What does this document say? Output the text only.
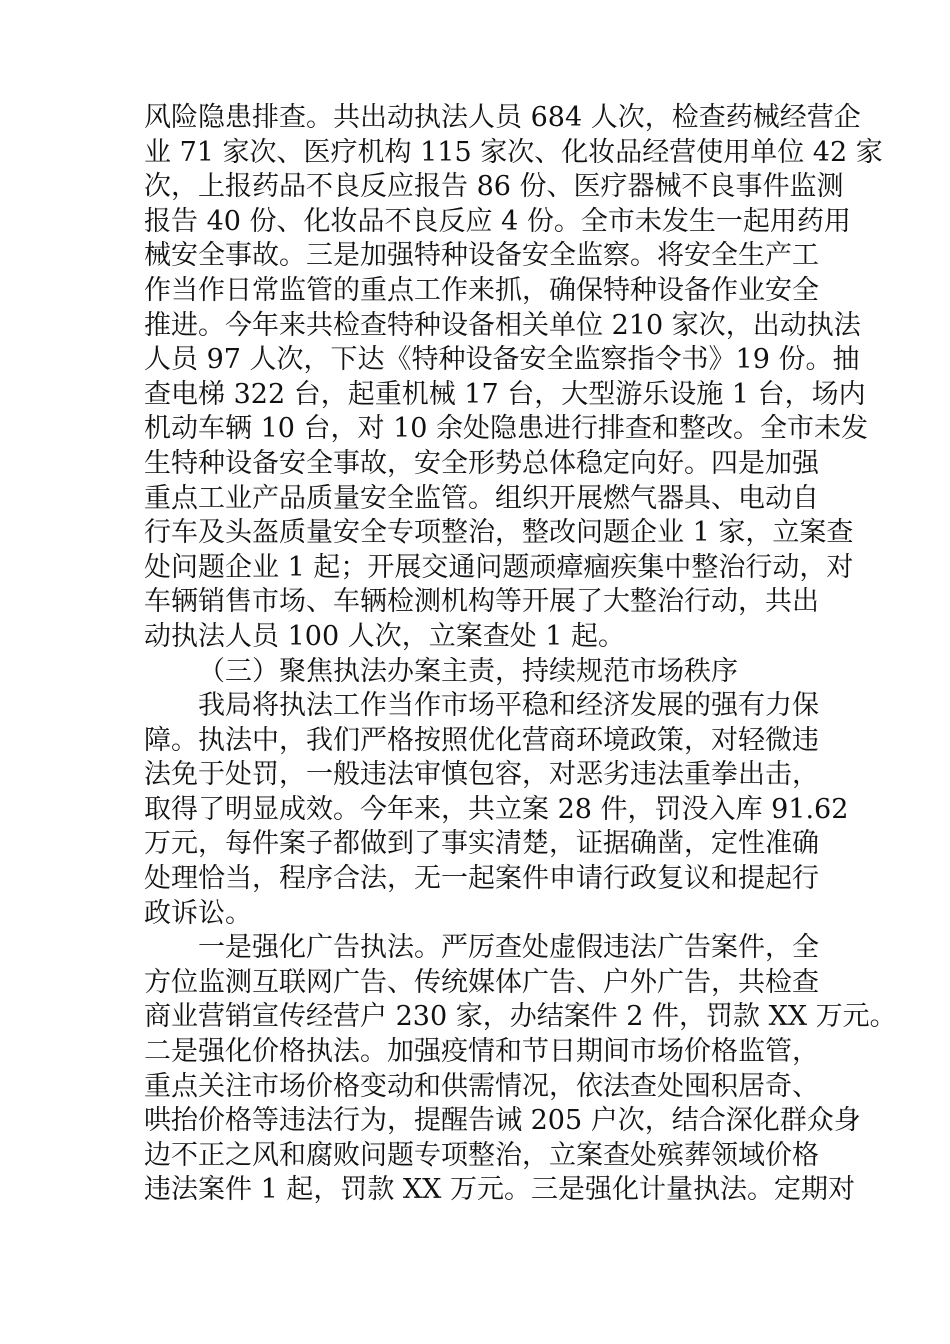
风险隐患排查。共出动执法人员 684 人次，检查药械经营企
业 71 家次、医疗机构 115 家次、化妆品经营使用单位 42 家
次，上报药品不良反应报告 86 份、医疗器械不良事件监测
报告 40 份、化妆品不良反应 4 份。全市未发生一起用药用
械安全事故。三是加强特种设备安全监察。将安全生产工
作当作日常监管的重点工作来抓，确保特种设备作业安全
推进。今年来共检查特种设备相关单位 210 家次，出动执法
人员 97 人次，下达《特种设备安全监察指令书》19 份。抽
查电梯 322 台，起重机械 17 台，大型游乐设施 1 台，场内
机动车辆 10 台，对 10 余处隐患进行排查和整改。全市未发
生特种设备安全事故，安全形势总体稳定向好。四是加强
重点工业产品质量安全监管。组织开展燃气器具、电动自
行车及头盔质量安全专项整治，整改问题企业 1 家，立案查
处问题企业 1 起；开展交通问题顽瘴痼疾集中整治行动，对
车辆销售市场、车辆检测机构等开展了大整治行动，共出
动执法人员 100 人次，立案查处 1 起。
（三）聚焦执法办案主责，持续规范市场秩序
我局将执法工作当作市场平稳和经济发展的强有力保
障。执法中，我们严格按照优化营商环境政策，对轻微违
法免于处罚，一般违法审慎包容，对恶劣违法重拳出击，
取得了明显成效。今年来，共立案 28 件，罚没入库 91.62
万元，每件案子都做到了事实清楚，证据确凿，定性准确
处理恰当，程序合法，无一起案件申请行政复议和提起行
政诉讼。
一是强化广告执法。严厉查处虚假违法广告案件，全
方位监测互联网广告、传统媒体广告、户外广告，共检查
商业营销宣传经营户 230 家，办结案件 2 件，罚款 XX 万元。
二是强化价格执法。加强疫情和节日期间市场价格监管，
重点关注市场价格变动和供需情况，依法查处囤积居奇、
哄抬价格等违法行为，提醒告诫 205 户次，结合深化群众身
边不正之风和腐败问题专项整治，立案查处殡葬领域价格
违法案件 1 起，罚款 XX 万元。三是强化计量执法。定期对
